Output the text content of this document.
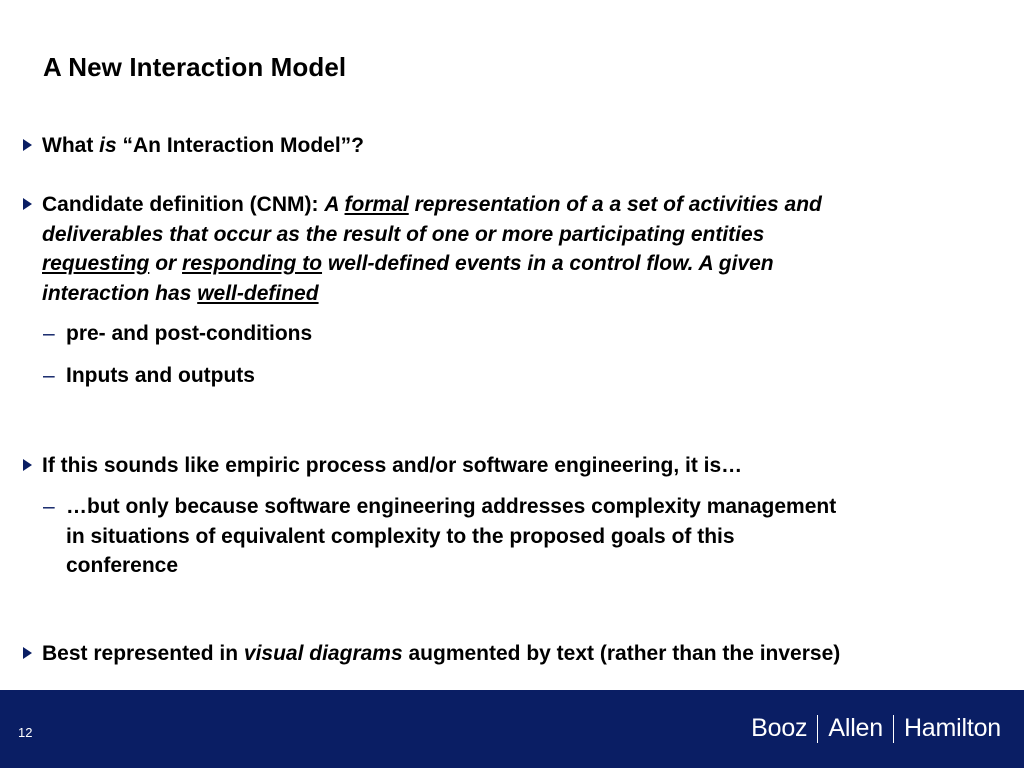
A New Interaction Model
What is “An Interaction Model”?
Candidate definition (CNM): A formal representation of a a set of activities and
deliverables that occur as the result of one or more participating entities
requesting or responding to well-defined events in a control flow. A given
interaction has well-defined
– pre- and post-conditions
– Inputs and outputs
If this sounds like empiric process and/or software engineering, it is…
– …but only because software engineering addresses complexity management
in situations of equivalent complexity to the proposed goals of this
conference
Best represented in visual diagrams augmented by text (rather than the inverse)
12	Booz Allen Hamilton
